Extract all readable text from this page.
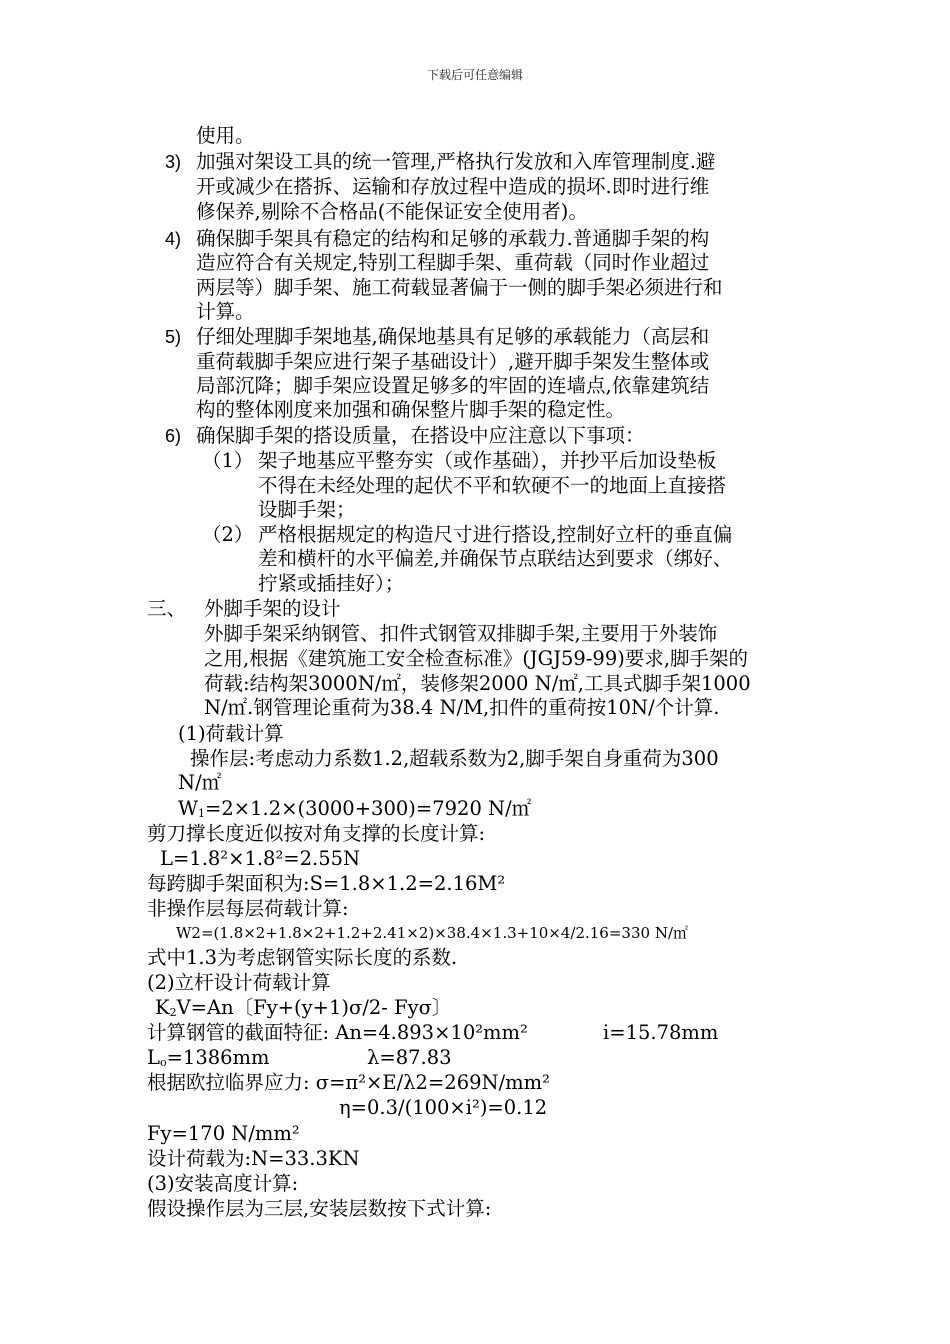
下载后可任意编辑
使用。
3) 加强对架设工具的统一管理,严格执行发放和入库管理制度.避
开或减少在搭拆、运输和存放过程中造成的损坏.即时进行维
修保养,剔除不合格品(不能保证安全使用者)。
4) 确保脚手架具有稳定的结构和足够的承载力.普通脚手架的构
造应符合有关规定,特别工程脚手架、重荷载（同时作业超过
两层等）脚手架、施工荷载显著偏于一侧的脚手架必须进行和
计算。
5) 仔细处理脚手架地基,确保地基具有足够的承载能力（高层和
重荷载脚手架应进行架子基础设计）,避开脚手架发生整体或
局部沉降；脚手架应设置足够多的牢固的连墙点,依靠建筑结
构的整体刚度来加强和确保整片脚手架的稳定性。
6) 确保脚手架的搭设质量，在搭设中应注意以下事项：
（1） 架子地基应平整夯实（或作基础），并抄平后加设垫板
不得在未经处理的起伏不平和软硬不一的地面上直接搭
设脚手架；
（2） 严格根据规定的构造尺寸进行搭设,控制好立杆的垂直偏
差和横杆的水平偏差,并确保节点联结达到要求（绑好、
拧紧或插挂好）；
三、 外脚手架的设计
外脚手架采纳钢管、扣件式钢管双排脚手架,主要用于外装饰
之用,根据《建筑施工安全检查标准》(JGJ59-99)要求,脚手架的
荷载:结构架3000N/㎡，装修架2000 N/㎡,工具式脚手架1000
N/㎡.钢管理论重荷为38.4 N/M,扣件的重荷按10N/个计算.
(1)荷载计算
操作层:考虑动力系数1.2,超载系数为2,脚手架自身重荷为300
N/㎡
$W_1=2\times 1.2\times(3000+300)=7920$ N/㎡
剪刀撑长度近似按对角支撑的长度计算:
L=1.8²×1.8²=2.55N
每跨脚手架面积为:S=1.8×1.2=2.16M²
非操作层每层荷载计算:
W2=(1.8×2+1.8×2+1.2+2.41×2)×38.4×1.3+10×4/2.16=330 N/㎡
式中1.3为考虑钢管实际长度的系数.
(2)立杆设计荷载计算
$K_2V=An$〔Fy+(y+1)σ/2- Fyσ〕
计算钢管的截面特征: An=4.893×10²mm²	i=15.78mm
$L_o=1386mm$	λ=87.83
根据欧拉临界应力: σ=π²×E/λ2=269N/mm²
η=0.3/(100×i²)=0.12
Fy=170 N/mm²
设计荷载为:N=33.3KN
(3)安装高度计算:
假设操作层为三层,安装层数按下式计算:
